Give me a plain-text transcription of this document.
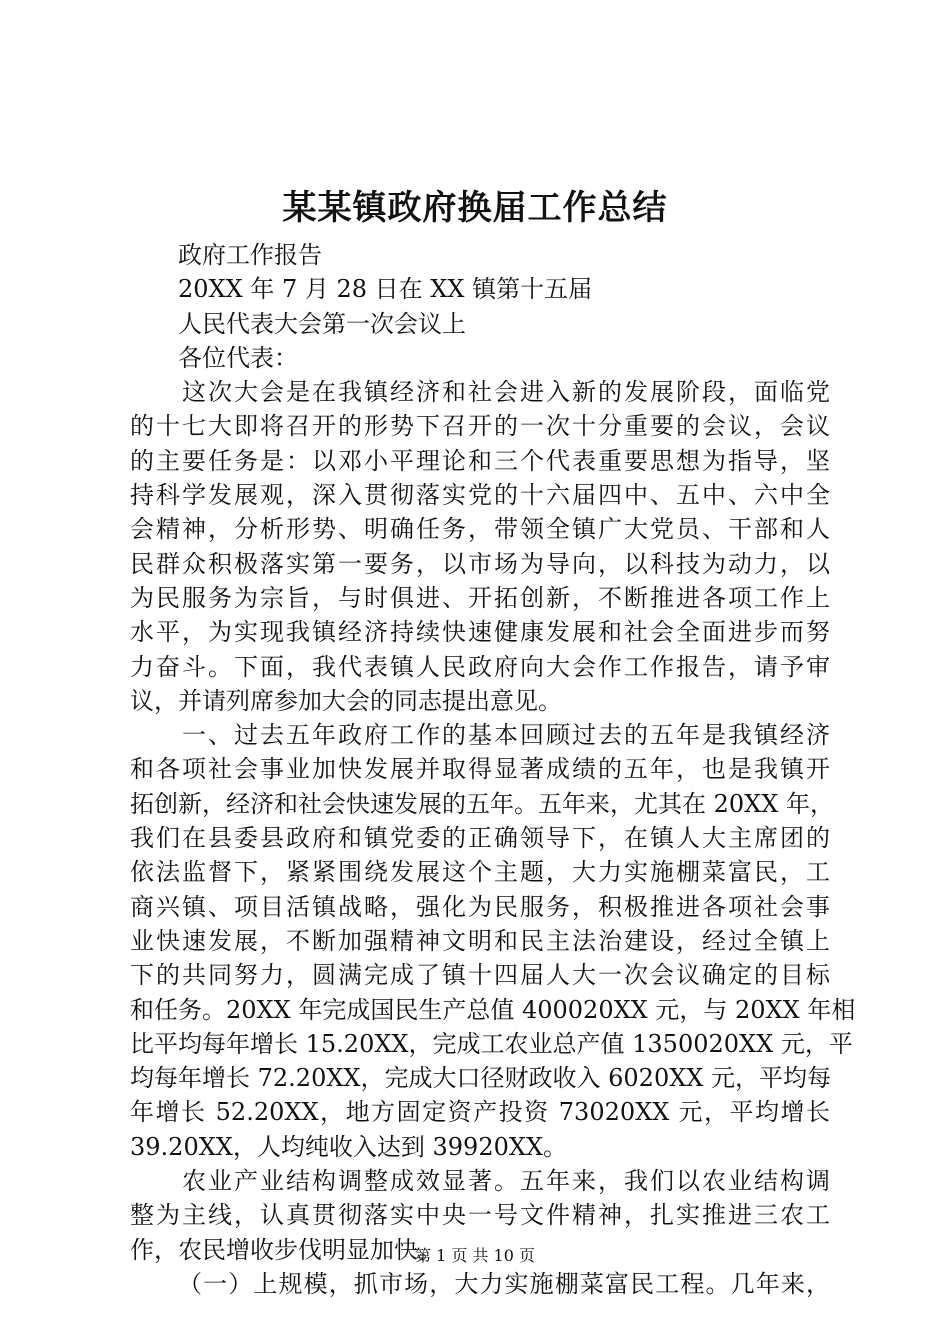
某某镇政府换届工作总结
政府工作报告
20XX 年 7 月 28 日在 XX 镇第十五届
人民代表大会第一次会议上
各位代表：
这次大会是在我镇经济和社会进入新的发展阶段，面临党
的十七大即将召开的形势下召开的一次十分重要的会议，会议
的主要任务是：以邓小平理论和三个代表重要思想为指导，坚
持科学发展观，深入贯彻落实党的十六届四中、五中、六中全
会精神，分析形势、明确任务，带领全镇广大党员、干部和人
民群众积极落实第一要务，以市场为导向，以科技为动力，以
为民服务为宗旨，与时俱进、开拓创新，不断推进各项工作上
水平，为实现我镇经济持续快速健康发展和社会全面进步而努
力奋斗。下面，我代表镇人民政府向大会作工作报告，请予审
议，并请列席参加大会的同志提出意见。
一、过去五年政府工作的基本回顾过去的五年是我镇经济
和各项社会事业加快发展并取得显著成绩的五年，也是我镇开
拓创新，经济和社会快速发展的五年。五年来，尤其在 20XX 年，
我们在县委县政府和镇党委的正确领导下，在镇人大主席团的
依法监督下，紧紧围绕发展这个主题，大力实施棚菜富民，工
商兴镇、项目活镇战略，强化为民服务，积极推进各项社会事
业快速发展，不断加强精神文明和民主法治建设，经过全镇上
下的共同努力，圆满完成了镇十四届人大一次会议确定的目标
和任务。20XX 年完成国民生产总值 400020XX 元，与 20XX 年相
比平均每年增长 15.20XX，完成工农业总产值 1350020XX 元，平
均每年增长 72.20XX，完成大口径财政收入 6020XX 元，平均每
年增长 52.20XX，地方固定资产投资 73020XX 元，平均增长
39.20XX，人均纯收入达到 39920XX。
农业产业结构调整成效显著。五年来，我们以农业结构调
整为主线，认真贯彻落实中央一号文件精神，扎实推进三农工
作，农民增收步伐明显加快。
（一）上规模，抓市场，大力实施棚菜富民工程。几年来，
第 1 页 共 10 页
